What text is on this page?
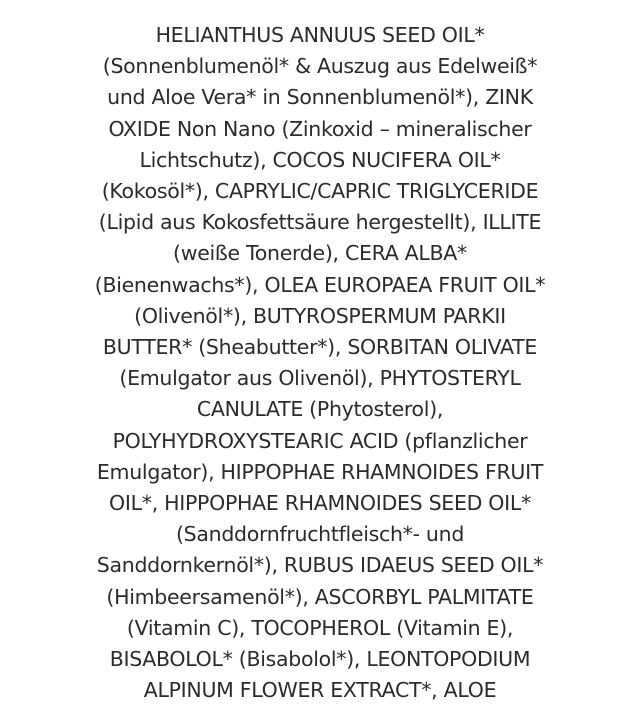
HELIANTHUS ANNUUS SEED OIL*
(Sonnenblumenöl* & Auszug aus Edelweiß*
und Aloe Vera* in Sonnenblumenöl*), ZINK
OXIDE Non Nano (Zinkoxid – mineralischer
Lichtschutz), COCOS NUCIFERA OIL*
(Kokosöl*), CAPRYLIC/CAPRIC TRIGLYCERIDE
(Lipid aus Kokosfettsäure hergestellt), ILLITE
(weiße Tonerde), CERA ALBA*
(Bienenwachs*), OLEA EUROPAEA FRUIT OIL*
(Olivenöl*), BUTYROSPERMUM PARKII
BUTTER* (Sheabutter*), SORBITAN OLIVATE
(Emulgator aus Olivenöl), PHYTOSTERYL
CANULATE (Phytosterol),
POLYHYDROXYSTEARIC ACID (pflanzlicher
Emulgator), HIPPOPHAE RHAMNOIDES FRUIT
OIL*, HIPPOPHAE RHAMNOIDES SEED OIL*
(Sanddornfruchtfleisch*- und
Sanddornkernöl*), RUBUS IDAEUS SEED OIL*
(Himbeersamenöl*), ASCORBYL PALMITATE
(Vitamin C), TOCOPHEROL (Vitamin E),
BISABOLOL* (Bisabolol*), LEONTOPODIUM
ALPINUM FLOWER EXTRACT*, ALOE
